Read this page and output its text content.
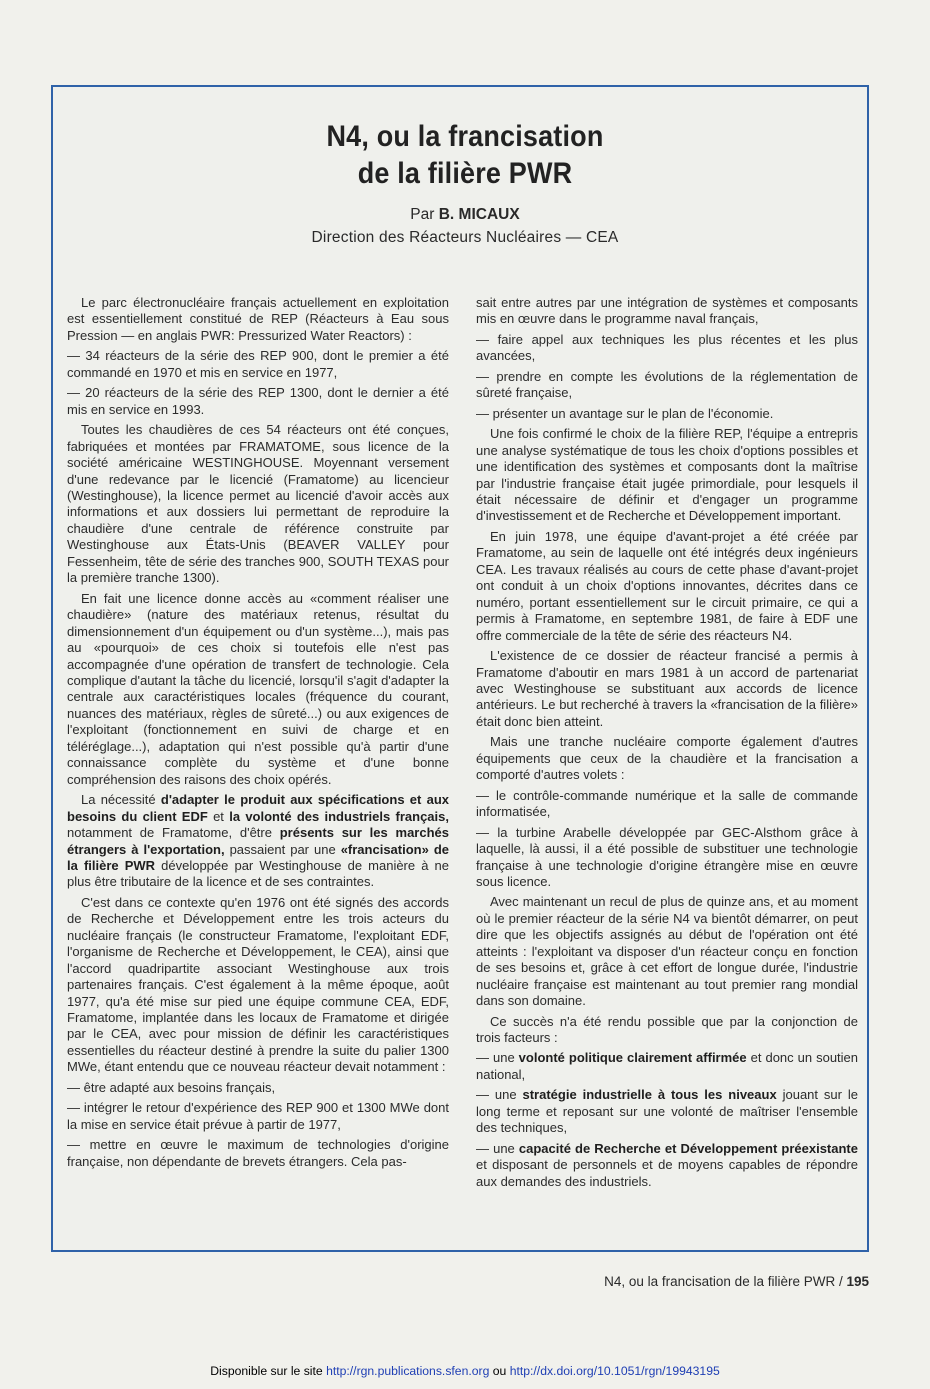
N4, ou la francisation
de la filière PWR
Par B. MICAUX
Direction des Réacteurs Nucléaires — CEA

Le parc électronucléaire français actuellement en exploitation est essentiellement constitué de REP (Réacteurs à Eau sous Pression — en anglais PWR: Pressurized Water Reactors) :

— 34 réacteurs de la série des REP 900, dont le premier a été commandé en 1970 et mis en service en 1977,

— 20 réacteurs de la série des REP 1300, dont le dernier a été mis en service en 1993.

Toutes les chaudières de ces 54 réacteurs ont été conçues, fabriquées et montées par FRAMATOME, sous licence de la société américaine WESTINGHOUSE. Moyennant versement d'une redevance par le licencié (Framatome) au licencieur (Westinghouse), la licence permet au licencié d'avoir accès aux informations et aux dossiers lui permettant de reproduire la chaudière d'une centrale de référence construite par Westinghouse aux États-Unis (BEAVER VALLEY pour Fessenheim, tête de série des tranches 900, SOUTH TEXAS pour la première tranche 1300).

En fait une licence donne accès au «comment réaliser une chaudière» (nature des matériaux retenus, résultat du dimensionnement d'un équipement ou d'un système...), mais pas au «pourquoi» de ces choix si toutefois elle n'est pas accompagnée d'une opération de transfert de technologie. Cela complique d'autant la tâche du licencié, lorsqu'il s'agit d'adapter la centrale aux caractéristiques locales (fréquence du courant, nuances des matériaux, règles de sûreté...) ou aux exigences de l'exploitant (fonctionnement en suivi de charge et en téléréglage...), adaptation qui n'est possible qu'à partir d'une connaissance complète du système et d'une bonne compréhension des raisons des choix opérés.

La nécessité d'adapter le produit aux spécifications et aux besoins du client EDF et la volonté des industriels français, notamment de Framatome, d'être présents sur les marchés étrangers à l'exportation, passaient par une «francisation» de la filière PWR développée par Westinghouse de manière à ne plus être tributaire de la licence et de ses contraintes.

C'est dans ce contexte qu'en 1976 ont été signés des accords de Recherche et Développement entre les trois acteurs du nucléaire français (le constructeur Framatome, l'exploitant EDF, l'organisme de Recherche et Développement, le CEA), ainsi que l'accord quadripartite associant Westinghouse aux trois partenaires français. C'est également à la même époque, août 1977, qu'a été mise sur pied une équipe commune CEA, EDF, Framatome, implantée dans les locaux de Framatome et dirigée par le CEA, avec pour mission de définir les caractéristiques essentielles du réacteur destiné à prendre la suite du palier 1300 MWe, étant entendu que ce nouveau réacteur devait notamment :

— être adapté aux besoins français,

— intégrer le retour d'expérience des REP 900 et 1300 MWe dont la mise en service était prévue à partir de 1977,

— mettre en œuvre le maximum de technologies d'origine française, non dépendante de brevets étrangers. Cela pas-

sait entre autres par une intégration de systèmes et composants mis en œuvre dans le programme naval français,

— faire appel aux techniques les plus récentes et les plus avancées,

— prendre en compte les évolutions de la réglementation de sûreté française,

— présenter un avantage sur le plan de l'économie.

Une fois confirmé le choix de la filière REP, l'équipe a entrepris une analyse systématique de tous les choix d'options possibles et une identification des systèmes et composants dont la maîtrise par l'industrie française était jugée primordiale, pour lesquels il était nécessaire de définir et d'engager un programme d'investissement et de Recherche et Développement important.

En juin 1978, une équipe d'avant-projet a été créée par Framatome, au sein de laquelle ont été intégrés deux ingénieurs CEA. Les travaux réalisés au cours de cette phase d'avant-projet ont conduit à un choix d'options innovantes, décrites dans ce numéro, portant essentiellement sur le circuit primaire, ce qui a permis à Framatome, en septembre 1981, de faire à EDF une offre commerciale de la tête de série des réacteurs N4.

L'existence de ce dossier de réacteur francisé a permis à Framatome d'aboutir en mars 1981 à un accord de partenariat avec Westinghouse se substituant aux accords de licence antérieurs. Le but recherché à travers la «francisation de la filière» était donc bien atteint.

Mais une tranche nucléaire comporte également d'autres équipements que ceux de la chaudière et la francisation a comporté d'autres volets :

— le contrôle-commande numérique et la salle de commande informatisée,

— la turbine Arabelle développée par GEC-Alsthom grâce à laquelle, là aussi, il a été possible de substituer une technologie française à une technologie d'origine étrangère mise en œuvre sous licence.

Avec maintenant un recul de plus de quinze ans, et au moment où le premier réacteur de la série N4 va bientôt démarrer, on peut dire que les objectifs assignés au début de l'opération ont été atteints : l'exploitant va disposer d'un réacteur conçu en fonction de ses besoins et, grâce à cet effort de longue durée, l'industrie nucléaire française est maintenant au tout premier rang mondial dans son domaine.

Ce succès n'a été rendu possible que par la conjonction de trois facteurs :

— une volonté politique clairement affirmée et donc un soutien national,

— une stratégie industrielle à tous les niveaux jouant sur le long terme et reposant sur une volonté de maîtriser l'ensemble des techniques,

— une capacité de Recherche et Développement préexistante et disposant de personnels et de moyens capables de répondre aux demandes des industriels.

N4, ou la francisation de la filière PWR / 195
Disponible sur le site http://rgn.publications.sfen.org ou http://dx.doi.org/10.1051/rgn/19943195
